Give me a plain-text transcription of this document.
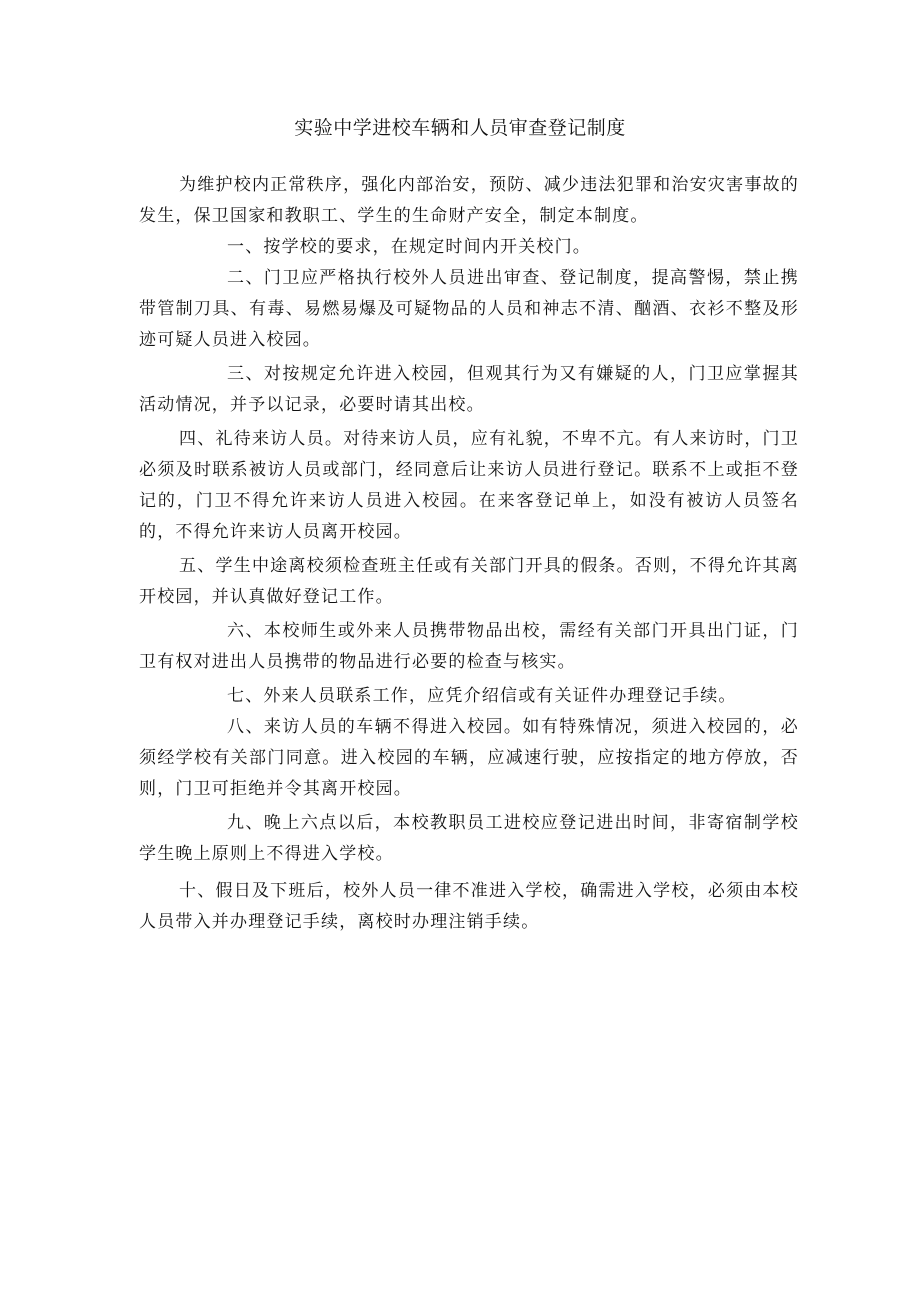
实验中学进校车辆和人员审查登记制度

为维护校内正常秩序，强化内部治安，预防、减少违法犯罪和治安灾害事故的发生，保卫国家和教职工、学生的生命财产安全，制定本制度。

一、按学校的要求，在规定时间内开关校门。

二、门卫应严格执行校外人员进出审查、登记制度，提高警惕，禁止携带管制刀具、有毒、易燃易爆及可疑物品的人员和神志不清、酗酒、衣衫不整及形迹可疑人员进入校园。

三、对按规定允许进入校园，但观其行为又有嫌疑的人，门卫应掌握其活动情况，并予以记录，必要时请其出校。

四、礼待来访人员。对待来访人员，应有礼貌，不卑不亢。有人来访时，门卫必须及时联系被访人员或部门，经同意后让来访人员进行登记。联系不上或拒不登记的，门卫不得允许来访人员进入校园。在来客登记单上，如没有被访人员签名的，不得允许来访人员离开校园。

五、学生中途离校须检查班主任或有关部门开具的假条。否则，不得允许其离开校园，并认真做好登记工作。

六、本校师生或外来人员携带物品出校，需经有关部门开具出门证，门卫有权对进出人员携带的物品进行必要的检查与核实。

七、外来人员联系工作，应凭介绍信或有关证件办理登记手续。

八、来访人员的车辆不得进入校园。如有特殊情况，须进入校园的，必须经学校有关部门同意。进入校园的车辆，应减速行驶，应按指定的地方停放，否则，门卫可拒绝并令其离开校园。

九、晚上六点以后，本校教职员工进校应登记进出时间，非寄宿制学校学生晚上原则上不得进入学校。

十、假日及下班后，校外人员一律不准进入学校，确需进入学校，必须由本校人员带入并办理登记手续，离校时办理注销手续。
